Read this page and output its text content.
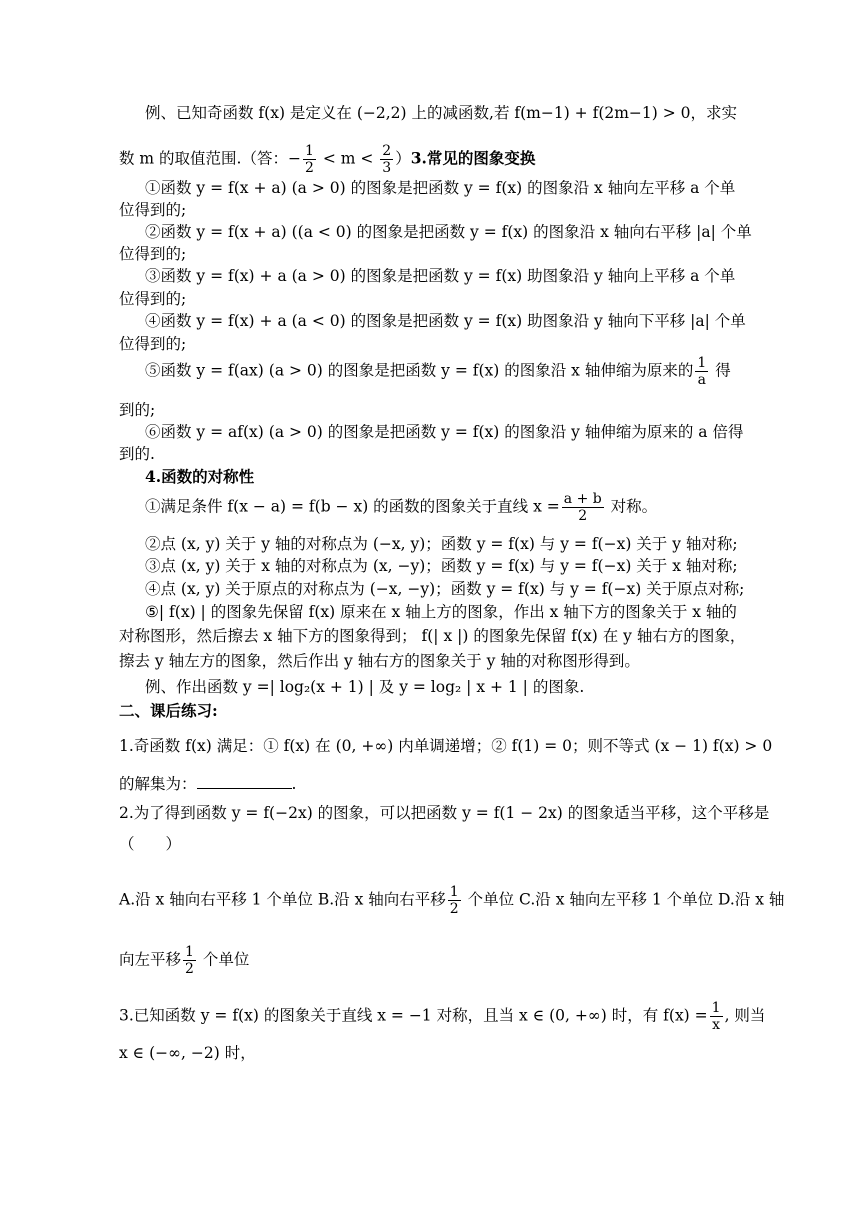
例、已知奇函数 f(x) 是定义在 (−2,2) 上的减函数,若 f(m−1) + f(2m−1) > 0，求实
数 m 的取值范围.（答：− $\frac{1}{2} < m < \frac{2}{3} )3$.常见的图象变换
①函数 y = f(x + a) (a > 0) 的图象是把函数 y = f(x) 的图象沿 x 轴向左平移 a 个单
位得到的;
②函数 y = f(x + a) ((a < 0) 的图象是把函数 y = f(x) 的图象沿 x 轴向右平移 |a| 个单
位得到的;
③函数 y = f(x) + a (a > 0) 的图象是把函数 y = f(x) 助图象沿 y 轴向上平移 a 个单
位得到的;
④函数 y = f(x) + a (a < 0) 的图象是把函数 y = f(x) 助图象沿 y 轴向下平移 |a| 个单
位得到的;
⑤函数 y = f(ax) (a > 0) 的图象是把函数 y = f(x) 的图象沿 x 轴伸缩为原来的 $\frac{1}{a}$ 得
到的;
⑥函数 y = af(x) (a > 0) 的图象是把函数 y = f(x) 的图象沿 y 轴伸缩为原来的 a 倍得
到的.
4.函数的对称性
①满足条件 f(x − a) = f(b − x) 的函数的图象关于直线 $x = \frac{a + b}{2}$ 对称。
②点 (x, y) 关于 y 轴的对称点为 (−x, y)；函数 y = f(x) 与 y = f(−x) 关于 y 轴对称;
③点 (x, y) 关于 x 轴的对称点为 (x, −y)；函数 y = f(x) 与 y = f(−x) 关于 x 轴对称;
④点 (x, y) 关于原点的对称点为 (−x, −y)；函数 y = f(x) 与 y = f(−x) 关于原点对称;
⑤| f(x) | 的图象先保留 f(x) 原来在 x 轴上方的图象，作出 x 轴下方的图象关于 x 轴的
对称图形，然后擦去 x 轴下方的图象得到； f(| x |) 的图象先保留 f(x) 在 y 轴右方的图象，
擦去 y 轴左方的图象，然后作出 y 轴右方的图象关于 y 轴的对称图形得到。
例、作出函数 y =| log₂(x + 1) | 及 y = log₂ | x + 1 | 的图象.
二、课后练习:
1.奇函数 f(x) 满足：① f(x) 在 (0, +∞) 内单调递增；② f(1) = 0；则不等式 (x − 1) f(x) > 0
的解集为：	.
2.为了得到函数 y = f(−2x) 的图象，可以把函数 y = f(1 − 2x) 的图象适当平移，这个平移是
（　　）
A.沿 x 轴向右平移 1 个单位 B.沿 x 轴向右平移 $\frac{1}{2}$ 个单位 C.沿 x 轴向左平移 1 个单位 D.沿 x 轴
向左平移 $\frac{1}{2}$ 个单位
3.已知函数 y = f(x) 的图象关于直线 x = −1 对称，且当 x ∈ (0, +∞) 时，有 $f(x) = \frac{1}{x}$ , 则当
x ∈ (−∞, −2) 时，
